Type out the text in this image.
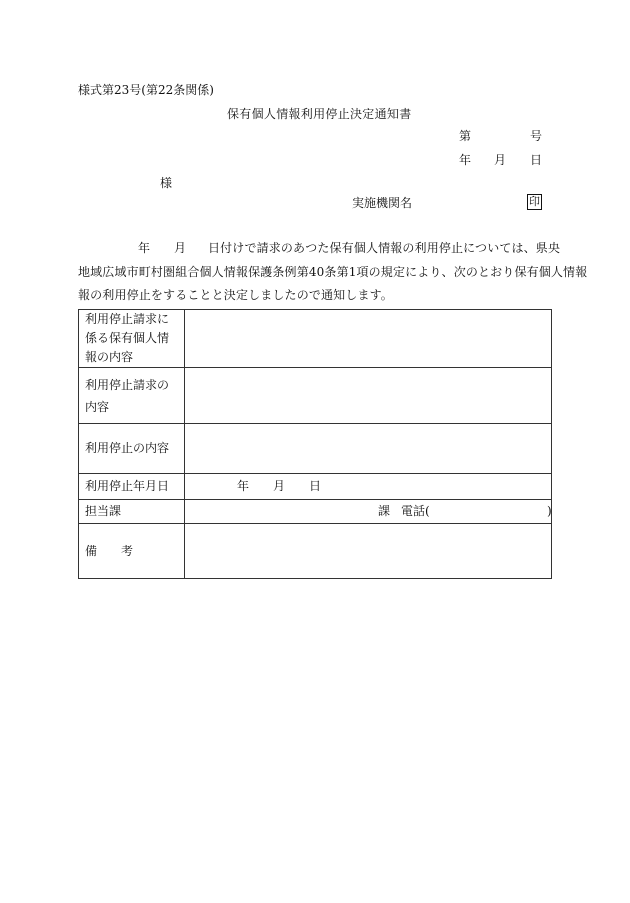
様式第23号(第22条関係)
保有個人情報利用停止決定通知書
第	号
年 月 日
様
実施機関名	印
年 月 日付けで請求のあつた保有個人情報の利用停止については、県央
地域広域市町村圏組合個人情報保護条例第40条第1項の規定により、次のとおり保有個人情報
報の利用停止をすることと決定しましたので通知します。
利用停止請求に
係る保有個人情
報の内容	

利用停止請求の
内容	

利用停止の内容	
利用停止年月日	年 月 日

担当課	課 電話( )

備　　考	
